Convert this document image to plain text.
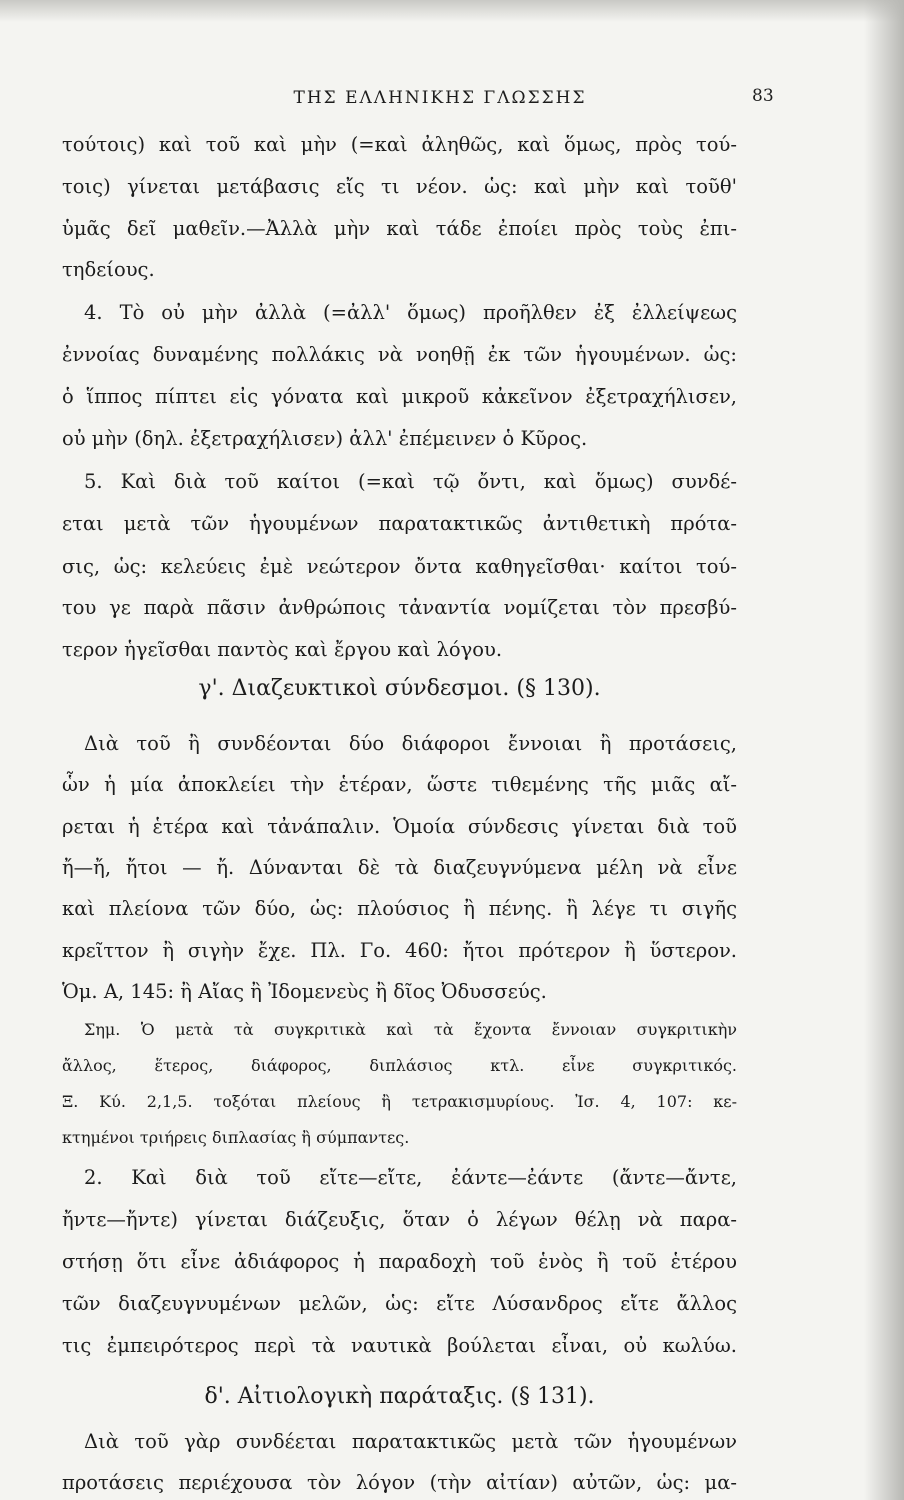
ΤΗΣ ΕΛΛΗΝΙΚΗΣ ΓΛΩΣΣΗΣ	83
τούτοις) καὶ τοῦ καὶ μὴν (=καὶ ἀληθῶς, καὶ ὅμως, πρὸς τού-
τοις) γίνεται μετάβασις εἴς τι νέον. ὡς: καὶ μὴν καὶ τοῦθ'
ὑμᾶς δεῖ μαθεῖν.—Ἀλλὰ μὴν καὶ τάδε ἐποίει πρὸς τοὺς ἐπι-
τηδείους.
4. Τὸ οὐ μὴν ἀλλὰ (=ἀλλ' ὅμως) προῆλθεν ἐξ ἐλλείψεως
ἐννοίας δυναμένης πολλάκις νὰ νοηθῇ ἐκ τῶν ἡγουμένων. ὡς:
ὁ ἵππος πίπτει εἰς γόνατα καὶ μικροῦ κἀκεῖνον ἐξετραχήλισεν,
οὐ μὴν (δηλ. ἐξετραχήλισεν) ἀλλ' ἐπέμεινεν ὁ Κῦρος.
5. Καὶ διὰ τοῦ καίτοι (=καὶ τῷ ὄντι, καὶ ὅμως) συνδέ-
εται μετὰ τῶν ἡγουμένων παρατακτικῶς ἀντιθετικὴ πρότα-
σις, ὡς: κελεύεις ἐμὲ νεώτερον ὄντα καθηγεῖσθαι· καίτοι τού-
του γε παρὰ πᾶσιν ἀνθρώποις τἀναντία νομίζεται τὸν πρεσβύ-
τερον ἡγεῖσθαι παντὸς καὶ ἔργου καὶ λόγου.
γ'. Διαζευκτικοὶ σύνδεσμοι. (§ 130).
Διὰ τοῦ ἢ συνδέονται δύο διάφοροι ἔννοιαι ἢ προτάσεις,
ὧν ἡ μία ἀποκλείει τὴν ἑτέραν, ὥστε τιθεμένης τῆς μιᾶς αἴ-
ρεται ἡ ἑτέρα καὶ τἀνάπαλιν. Ὁμοία σύνδεσις γίνεται διὰ τοῦ
ἤ—ἤ, ἤτοι — ἤ. Δύνανται δὲ τὰ διαζευγνύμενα μέλη νὰ εἶνε
καὶ πλείονα τῶν δύο, ὡς: πλούσιος ἢ πένης. ἢ λέγε τι σιγῆς
κρεῖττον ἢ σιγὴν ἔχε. Πλ. Γο. 460: ἤτοι πρότερον ἢ ὕστερον.
Ὁμ. Α, 145: ἢ Αἴας ἢ Ἰδομενεὺς ἢ δῖος Ὀδυσσεύς.
Σημ. Ὁ μετὰ τὰ συγκριτικὰ καὶ τὰ ἔχοντα ἔννοιαν συγκριτικὴν
ἄλλος, ἕτερος, διάφορος, διπλάσιος κτλ. εἶνε συγκριτικός.
Ξ. Κύ. 2,1,5. τοξόται πλείους ἢ τετρακισμυρίους. Ἰσ. 4, 107: κε-
κτημένοι τριήρεις διπλασίας ἢ σύμπαντες.
2. Καὶ διὰ τοῦ εἴτε—εἴτε, ἐάντε—ἐάντε (ἄντε—ἄντε,
ἤντε—ἤντε) γίνεται διάζευξις, ὅταν ὁ λέγων θέλῃ νὰ παρα-
στήσῃ ὅτι εἶνε ἀδιάφορος ἡ παραδοχὴ τοῦ ἑνὸς ἢ τοῦ ἑτέρου
τῶν διαζευγνυμένων μελῶν, ὡς: εἴτε Λύσανδρος εἴτε ἄλλος
τις ἐμπειρότερος περὶ τὰ ναυτικὰ βούλεται εἶναι, οὐ κωλύω.
δ'. Αἰτιολογικὴ παράταξις. (§ 131).
Διὰ τοῦ γὰρ συνδέεται παρατακτικῶς μετὰ τῶν ἡγουμένων
προτάσεις περιέχουσα τὸν λόγον (τὴν αἰτίαν) αὐτῶν, ὡς: μα-
